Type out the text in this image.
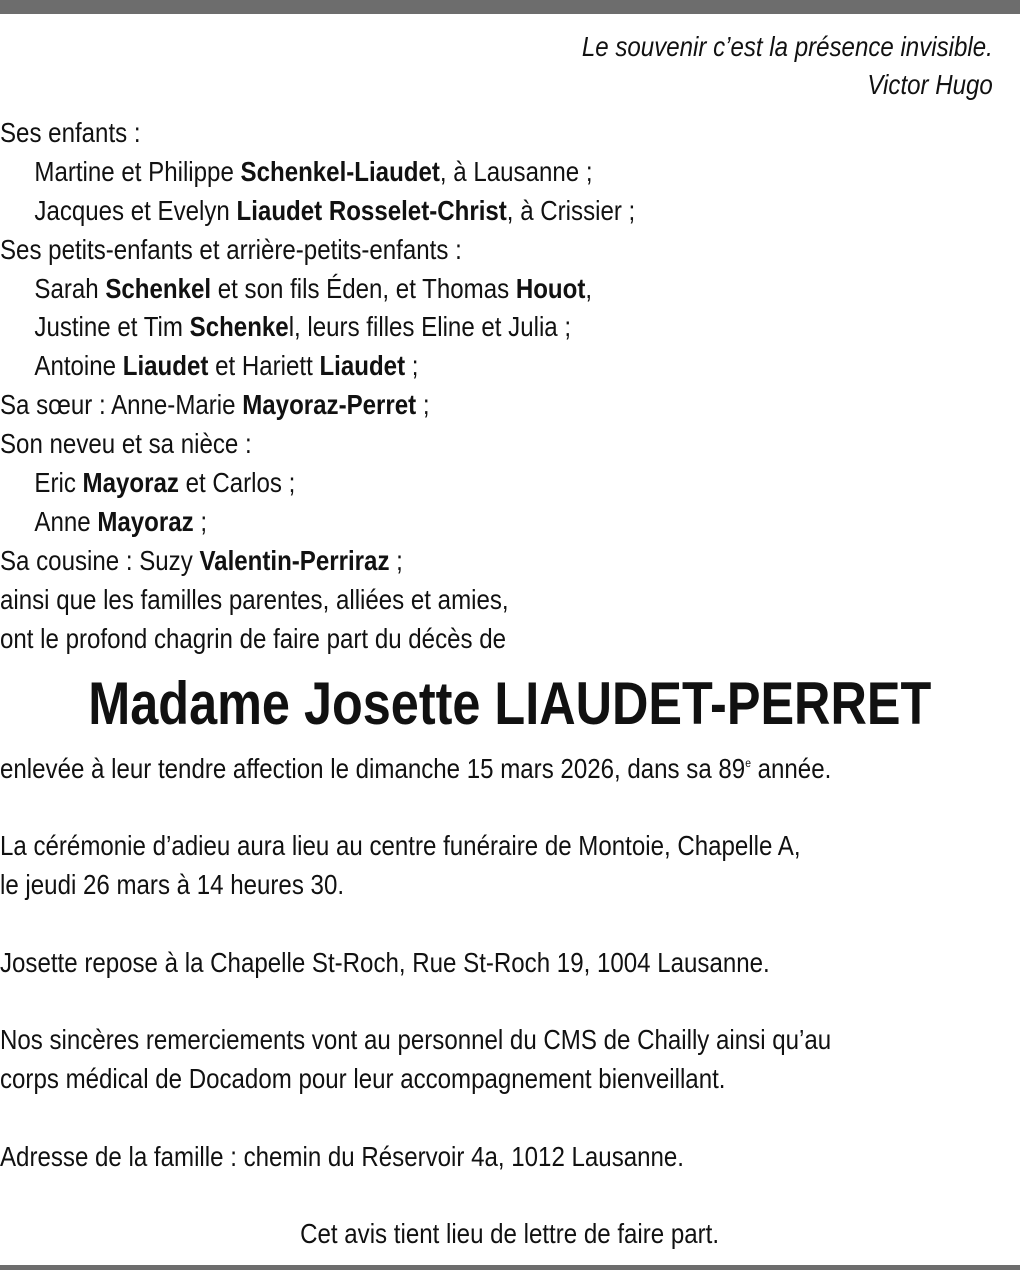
Le souvenir c’est la présence invisible.
Victor Hugo
Ses enfants :
Martine et Philippe Schenkel-Liaudet, à Lausanne ;
Jacques et Evelyn Liaudet Rosselet-Christ, à Crissier ;
Ses petits-enfants et arrière-petits-enfants :
Sarah Schenkel et son fils Éden, et Thomas Houot,
Justine et Tim Schenkel, leurs filles Eline et Julia ;
Antoine Liaudet et Hariett Liaudet ;
Sa sœur : Anne-Marie Mayoraz-Perret ;
Son neveu et sa nièce :
Eric Mayoraz et Carlos ;
Anne Mayoraz ;
Sa cousine : Suzy Valentin-Perriraz ;
ainsi que les familles parentes, alliées et amies,
ont le profond chagrin de faire part du décès de
Madame Josette LIAUDET-PERRET
enlevée à leur tendre affection le dimanche 15 mars 2026, dans sa 89e année.
La cérémonie d’adieu aura lieu au centre funéraire de Montoie, Chapelle A,
le jeudi 26 mars à 14 heures 30.
Josette repose à la Chapelle St-Roch, Rue St-Roch 19, 1004 Lausanne.
Nos sincères remerciements vont au personnel du CMS de Chailly ainsi qu’au
corps médical de Docadom pour leur accompagnement bienveillant.
Adresse de la famille : chemin du Réservoir 4a, 1012 Lausanne.
Cet avis tient lieu de lettre de faire part.
